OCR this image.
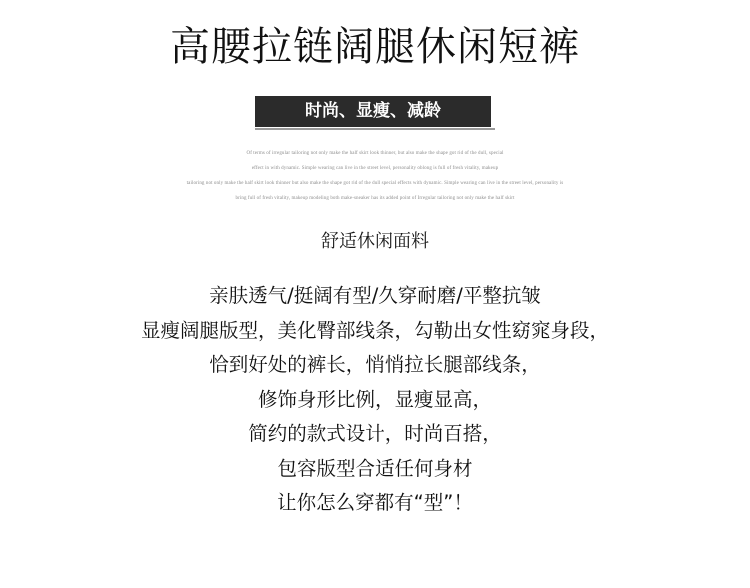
高腰拉链阔腿休闲短裤
时尚、显瘦、减龄
Of terms of irregular tailoring not only make the half skirt look thinner, but also make the shape got rid of the dull, special
effect in with dynamic. Simple wearing can live in the street level, personality oblong is full of fresh vitality, makeup
tailoring not only make the half skirt look thinner but also make the shape got rid of the dull special effects with dynamic. Simple wearing can live in the street level, personality is
bring full of fresh vitality, makeup modeling both make-sneaker has its added point of Irregular tailoring not only make the half skirt
舒适休闲面料
亲肤透气/挺阔有型/久穿耐磨/平整抗皱
显瘦阔腿版型，美化臀部线条，勾勒出女性窈窕身段，
恰到好处的裤长，悄悄拉长腿部线条，
修饰身形比例，显瘦显高，
简约的款式设计，时尚百搭，
包容版型合适任何身材
让你怎么穿都有“型”！
